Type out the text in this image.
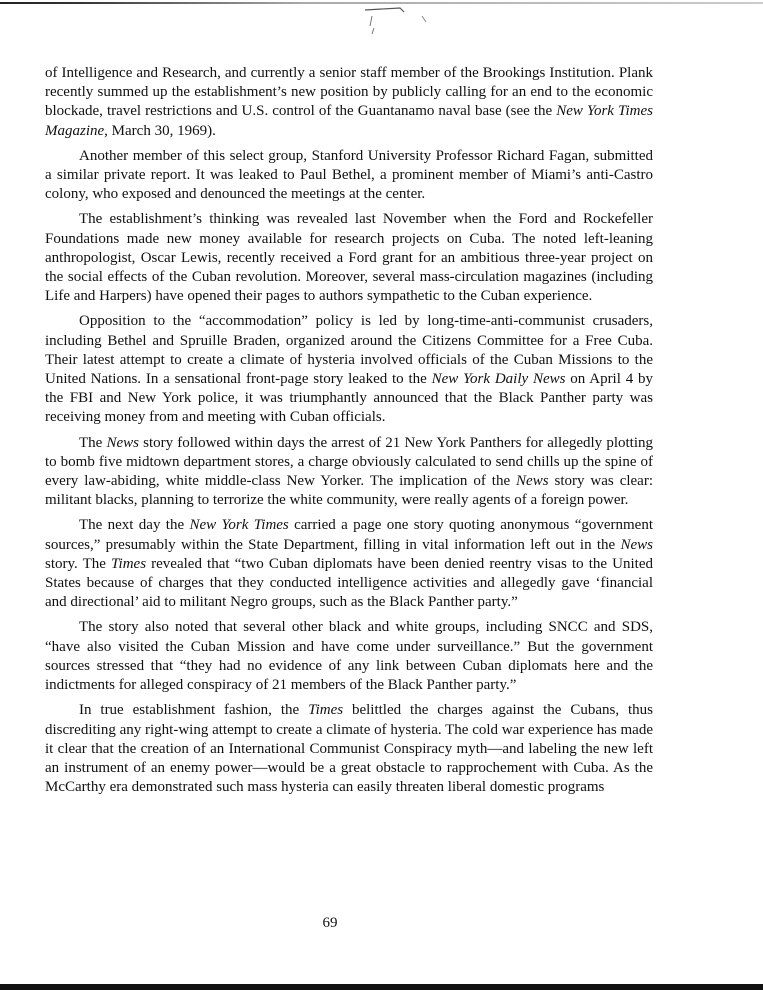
of Intelligence and Research, and currently a senior staff member of the Brookings Institution. Plank recently summed up the establishment’s new position by publicly calling for an end to the economic blockade, travel restrictions and U.S. control of the Guantanamo naval base (see the New York Times Magazine, March 30, 1969).

Another member of this select group, Stanford University Professor Richard Fagan, submitted a similar private report. It was leaked to Paul Bethel, a prominent member of Miami’s anti-Castro colony, who exposed and denounced the meetings at the center.

The establishment’s thinking was revealed last November when the Ford and Rockefeller Foundations made new money available for research projects on Cuba. The noted left-leaning anthropologist, Oscar Lewis, recently received a Ford grant for an ambitious three-year project on the social effects of the Cuban revolution. Moreover, several mass-circulation magazines (including Life and Harpers) have opened their pages to authors sympathetic to the Cuban experience.

Opposition to the “accommodation” policy is led by long-time-anti-communist crusaders, including Bethel and Spruille Braden, organized around the Citizens Committee for a Free Cuba. Their latest attempt to create a climate of hysteria involved officials of the Cuban Missions to the United Nations. In a sensational front-page story leaked to the New York Daily News on April 4 by the FBI and New York police, it was triumphantly announced that the Black Panther party was receiving money from and meeting with Cuban officials.

The News story followed within days the arrest of 21 New York Panthers for allegedly plotting to bomb five midtown department stores, a charge obviously calculated to send chills up the spine of every law-abiding, white middle-class New Yorker. The implication of the News story was clear: militant blacks, planning to terrorize the white community, were really agents of a foreign power.

The next day the New York Times carried a page one story quoting anonymous “government sources,” presumably within the State Department, filling in vital information left out in the News story. The Times revealed that “two Cuban diplomats have been denied reentry visas to the United States because of charges that they conducted intelligence activities and allegedly gave ‘financial and directional’ aid to militant Negro groups, such as the Black Panther party.”

The story also noted that several other black and white groups, including SNCC and SDS, “have also visited the Cuban Mission and have come under surveillance.” But the government sources stressed that “they had no evidence of any link between Cuban diplomats here and the indictments for alleged conspiracy of 21 members of the Black Panther party.”

In true establishment fashion, the Times belittled the charges against the Cubans, thus discrediting any right-wing attempt to create a climate of hysteria. The cold war experience has made it clear that the creation of an International Communist Conspiracy myth—and labeling the new left an instrument of an enemy power—would be a great obstacle to rapprochement with Cuba. As the McCarthy era demonstrated such mass hysteria can easily threaten liberal domestic programs

69
